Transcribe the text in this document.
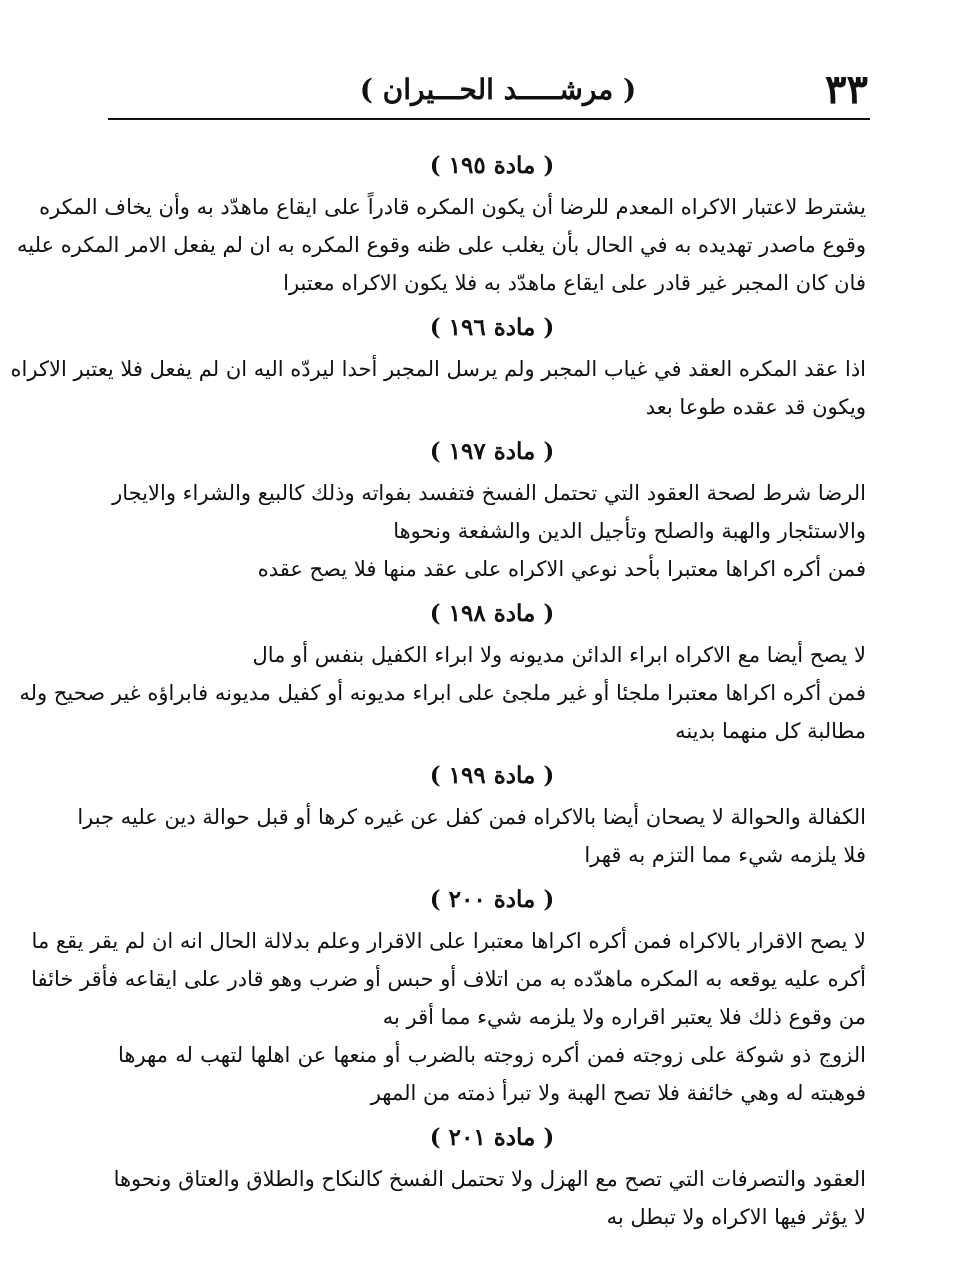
٣٣
( مرشـــــد الحـــيران )
( مادة ١٩٥ )
يشترط لاعتبار الاكراه المعدم للرضا أن يكون المكره قادراً على ايقاع ماهدّد به وأن يخاف المكره
وقوع ماصدر تهديده به في الحال بأن يغلب على ظنه وقوع المكره به ان لم يفعل الامر المكره عليه
فان كان المجبر غير قادر على ايقاع ماهدّد به فلا يكون الاكراه معتبرا
( مادة ١٩٦ )
اذا عقد المكره العقد في غياب المجبر ولم يرسل المجبر أحدا ليردّه اليه ان لم يفعل فلا يعتبر الاكراه
ويكون قد عقده طوعا بعد
( مادة ١٩٧ )
الرضا شرط لصحة العقود التي تحتمل الفسخ فتفسد بفواته وذلك كالبيع والشراء والايجار
والاستئجار والهبة والصلح وتأجيل الدين والشفعة ونحوها
فمن أكره اكراها معتبرا بأحد نوعي الاكراه على عقد منها فلا يصح عقده
( مادة ١٩٨ )
لا يصح أيضا مع الاكراه ابراء الدائن مديونه ولا ابراء الكفيل بنفس أو مال
فمن أكره اكراها معتبرا ملجئا أو غير ملجئ على ابراء مديونه أو كفيل مديونه فابراؤه غير صحيح وله
مطالبة كل منهما بدينه
( مادة ١٩٩ )
الكفالة والحوالة لا يصحان أيضا بالاكراه فمن كفل عن غيره كرها أو قبل حوالة دين عليه جبرا
فلا يلزمه شيء مما التزم به قهرا
( مادة ٢٠٠ )
لا يصح الاقرار بالاكراه فمن أكره اكراها معتبرا على الاقرار وعلم بدلالة الحال انه ان لم يقر يقع ما
أكره عليه يوقعه به المكره ماهدّده به من اتلاف أو حبس أو ضرب وهو قادر على ايقاعه فأقر خائفا
من وقوع ذلك فلا يعتبر اقراره ولا يلزمه شيء مما أقر به
الزوج ذو شوكة على زوجته فمن أكره زوجته بالضرب أو منعها عن اهلها لتهب له مهرها
فوهبته له وهي خائفة فلا تصح الهبة ولا تبرأ ذمته من المهر
( مادة ٢٠١ )
العقود والتصرفات التي تصح مع الهزل ولا تحتمل الفسخ كالنكاح والطلاق والعتاق ونحوها
لا يؤثر فيها الاكراه ولا تبطل به
